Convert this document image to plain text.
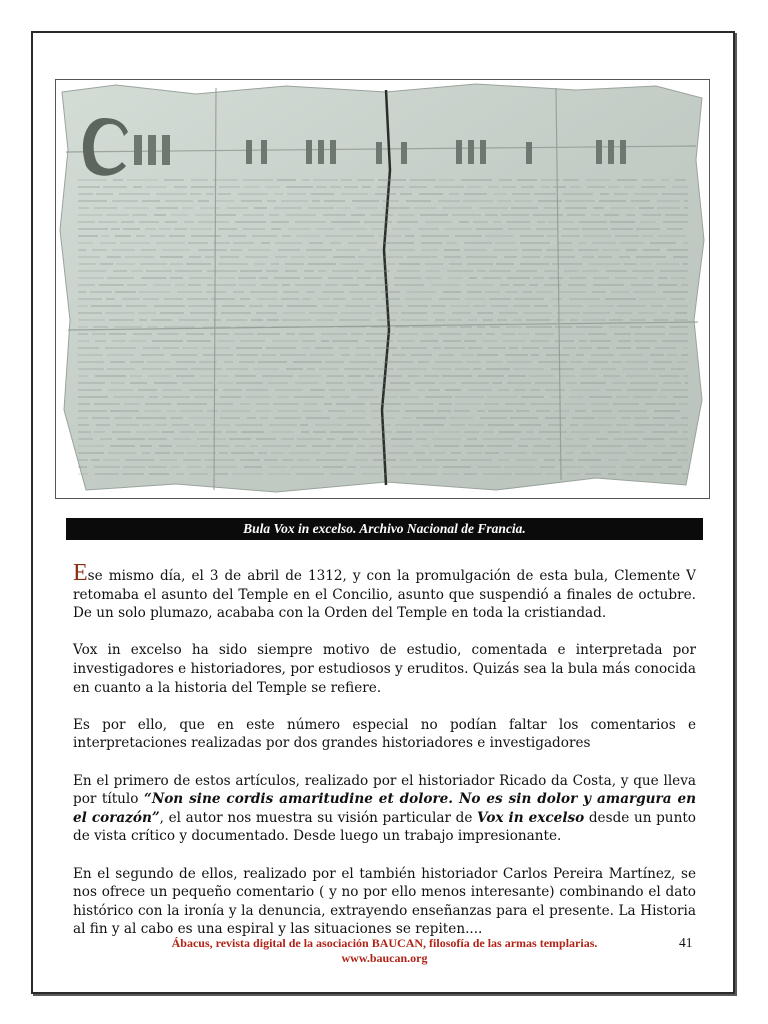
Bula Vox in excelso. Archivo Nacional de Francia.

Ese mismo día, el 3 de abril de 1312, y con la promulgación de esta bula, Clemente V retomaba el asunto del Temple en el Concilio, asunto que suspendió a finales de octubre. De un solo plumazo, acababa con la Orden del Temple en toda la cristiandad.

Vox in excelso ha sido siempre motivo de estudio, comentada e interpretada por investigadores e historiadores, por estudiosos y eruditos. Quizás sea la bula más conocida en cuanto a la historia del Temple se refiere.

Es por ello, que en este número especial no podían faltar los comentarios e interpretaciones realizadas por dos grandes historiadores e investigadores

En el primero de estos artículos, realizado por el historiador Ricado da Costa, y que lleva por título “Non sine cordis amaritudine et dolore. No es sin dolor y amargura en el corazón”, el autor nos muestra su visión particular de Vox in excelso desde un punto de vista crítico y documentado. Desde luego un trabajo impresionante.

En el segundo de ellos, realizado por el también historiador Carlos Pereira Martínez, se nos ofrece un pequeño comentario ( y no por ello menos interesante) combinando el dato histórico con la ironía y la denuncia, extrayendo enseñanzas para el presente. La Historia al fin y al cabo es una espiral y las situaciones se repiten....

Ábacus, revista digital de la asociación BAUCAN, filosofía de las armas templarias.
www.baucan.org
41
